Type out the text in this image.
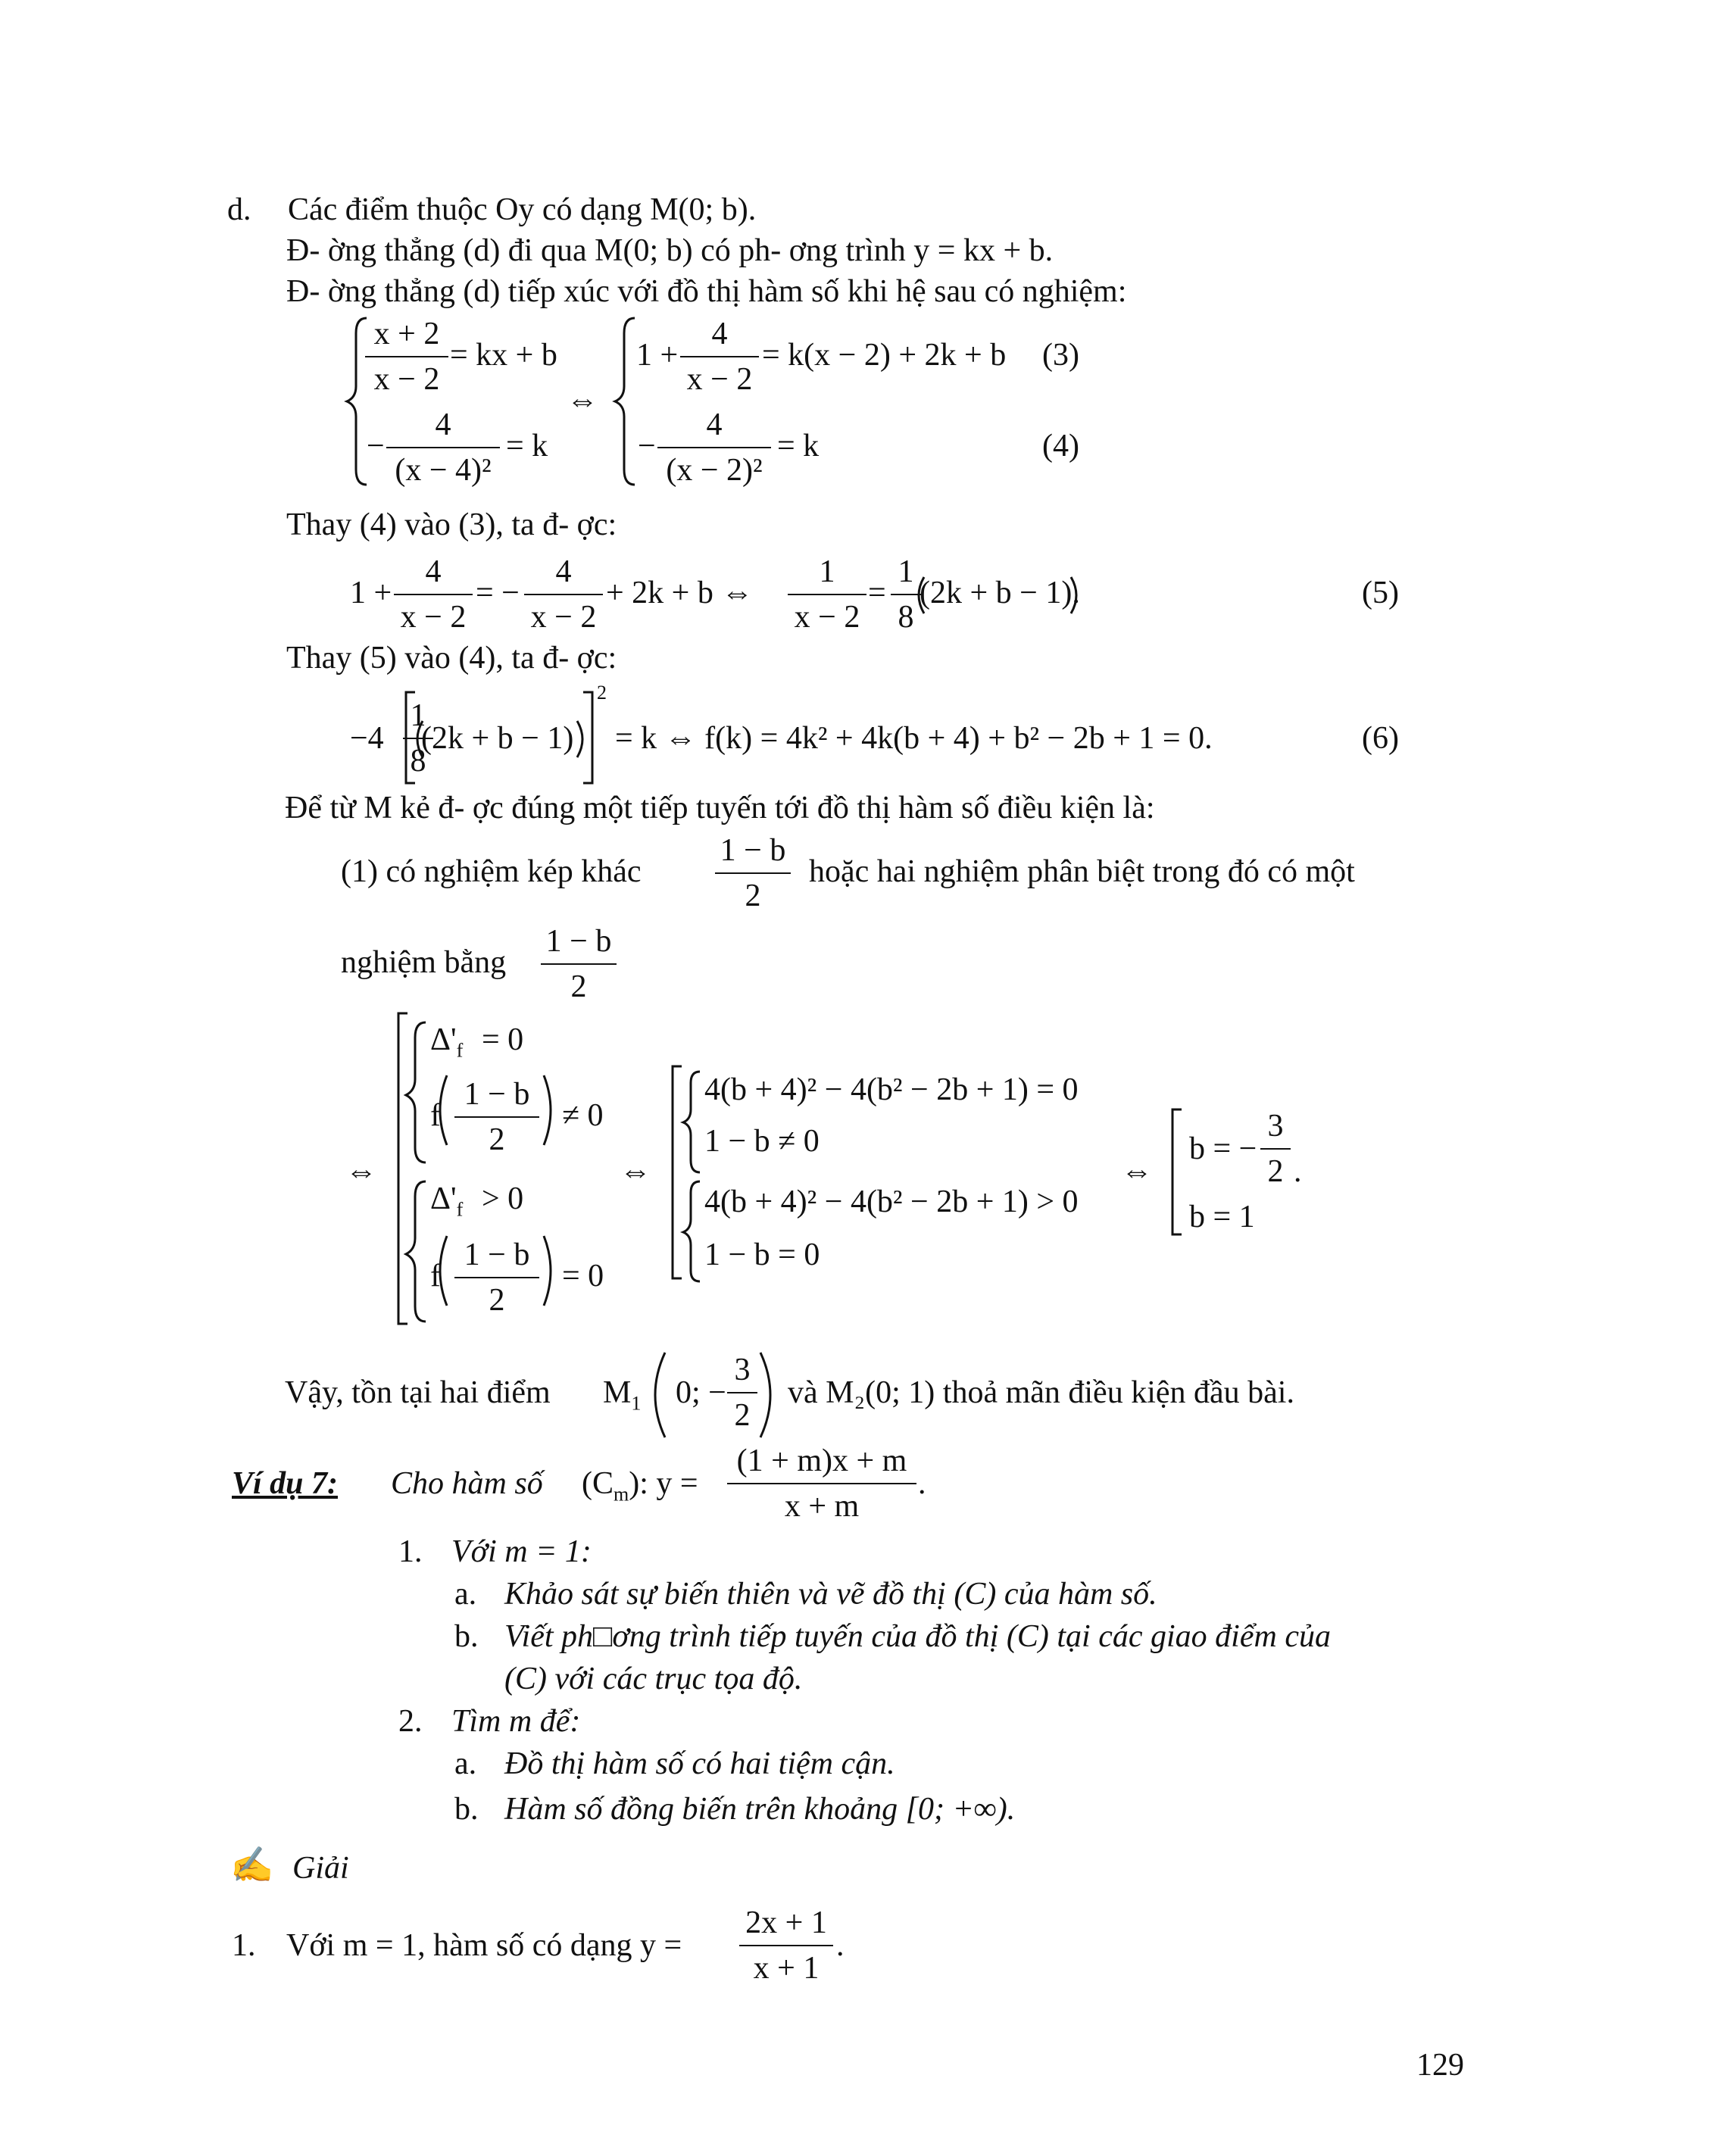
d. Các điểm thuộc Oy có dạng M(0; b).
Đ- ờng thẳng (d) đi qua M(0; b) có ph- ơng trình y = kx + b.
Đ- ờng thẳng (d) tiếp xúc với đồ thị hàm số khi hệ sau có nghiệm:
x + 2
x − 2
= kx + b
−
4
(x − 4)²
= k
⇔
1 +
4
x − 2
= k(x − 2) + 2k + b (3)
−
4
(x − 2)²
= k	(4)
Thay (4) vào (3), ta đ- ợc:
1 +
4
x − 2
= −
4
x − 2
+ 2k + b ⇔
1
x − 2
=
1
8
(2k + b − 1).	(5)
Thay (5) vào (4), ta đ- ợc:
−4
1
8
(2k + b − 1)
2
= k ⇔ f(k) = 4k² + 4k(b + 4) + b² − 2b + 1 = 0.	(6)
Để từ M kẻ đ- ợc đúng một tiếp tuyến tới đồ thị hàm số điều kiện là:
(1) có nghiệm kép khác
1 − b
2
hoặc hai nghiệm phân biệt trong đó có một
nghiệm bằng
1 − b
2
⇔
$\Delta'_f = 0$
f
1 − b
2
≠ 0
$\Delta'_f > 0$
f
1 − b
2
= 0
⇔
4(b + 4)² − 4(b² − 2b + 1) = 0
1 − b ≠ 0
4(b + 4)² − 4(b² − 2b + 1) > 0
1 − b = 0
⇔
b = −
3
2 .
b = 1
Vậy, tồn tại hai điểm $M_1$ 0; −
3
2
và M₂(0; 1) thoả mãn điều kiện đầu bài.
Ví dụ 7: Cho hàm số $(C_m)$: y =
(1 + m)x + m
x + m
.
1. Với m = 1:
a. Khảo sát sự biến thiên và vẽ đồ thị (C) của hàm số.
b. Viết ph□ơng trình tiếp tuyến của đồ thị (C) tại các giao điểm của
(C) với các trục tọa độ.
2. Tìm m để:
a. Đồ thị hàm số có hai tiệm cận.
b. Hàm số đồng biến trên khoảng [0; +∞).
✍ Giải
1. Với m = 1, hàm số có dạng y =
2x + 1
x + 1
.
129
